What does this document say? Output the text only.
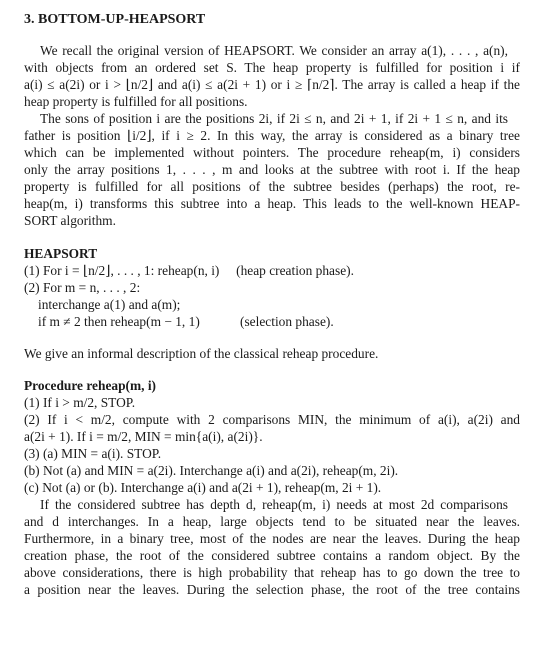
3. BOTTOM-UP-HEAPSORT
We recall the original version of HEAPSORT. We consider an array a(1), . . . , a(n),
with objects from an ordered set S. The heap property is fulfilled for position i if
a(i) ≤ a(2i) or i > ⌊n/2⌋ and a(i) ≤ a(2i + 1) or i ≥ ⌈n/2⌉. The array is called a heap if the
heap property is fulfilled for all positions.
The sons of position i are the positions 2i, if 2i ≤ n, and 2i + 1, if 2i + 1 ≤ n, and its
father is position ⌊i/2⌋, if i ≥ 2. In this way, the array is considered as a binary tree
which can be implemented without pointers. The procedure reheap(m, i) considers
only the array positions 1, . . . , m and looks at the subtree with root i. If the heap
property is fulfilled for all positions of the subtree besides (perhaps) the root, re-
heap(m, i) transforms this subtree into a heap. This leads to the well-known HEAP-
SORT algorithm.
HEAPSORT
(1) For i = ⌊n/2⌋, . . . , 1: reheap(n, i) (heap creation phase).
(2) For m = n, . . . , 2:
interchange a(1) and a(m);
if m ≠ 2 then reheap(m − 1, 1)	(selection phase).
We give an informal description of the classical reheap procedure.
Procedure reheap(m, i)
(1) If i > m/2, STOP.
(2) If i < m/2, compute with 2 comparisons MIN, the minimum of a(i), a(2i) and
a(2i + 1). If i = m/2, MIN = min{a(i), a(2i)}.
(3) (a) MIN = a(i). STOP.
(b) Not (a) and MIN = a(2i). Interchange a(i) and a(2i), reheap(m, 2i).
(c) Not (a) or (b). Interchange a(i) and a(2i + 1), reheap(m, 2i + 1).
If the considered subtree has depth d, reheap(m, i) needs at most 2d comparisons
and d interchanges. In a heap, large objects tend to be situated near the leaves.
Furthermore, in a binary tree, most of the nodes are near the leaves. During the heap
creation phase, the root of the considered subtree contains a random object. By the
above considerations, there is high probability that reheap has to go down the tree to
a position near the leaves. During the selection phase, the root of the tree contains
